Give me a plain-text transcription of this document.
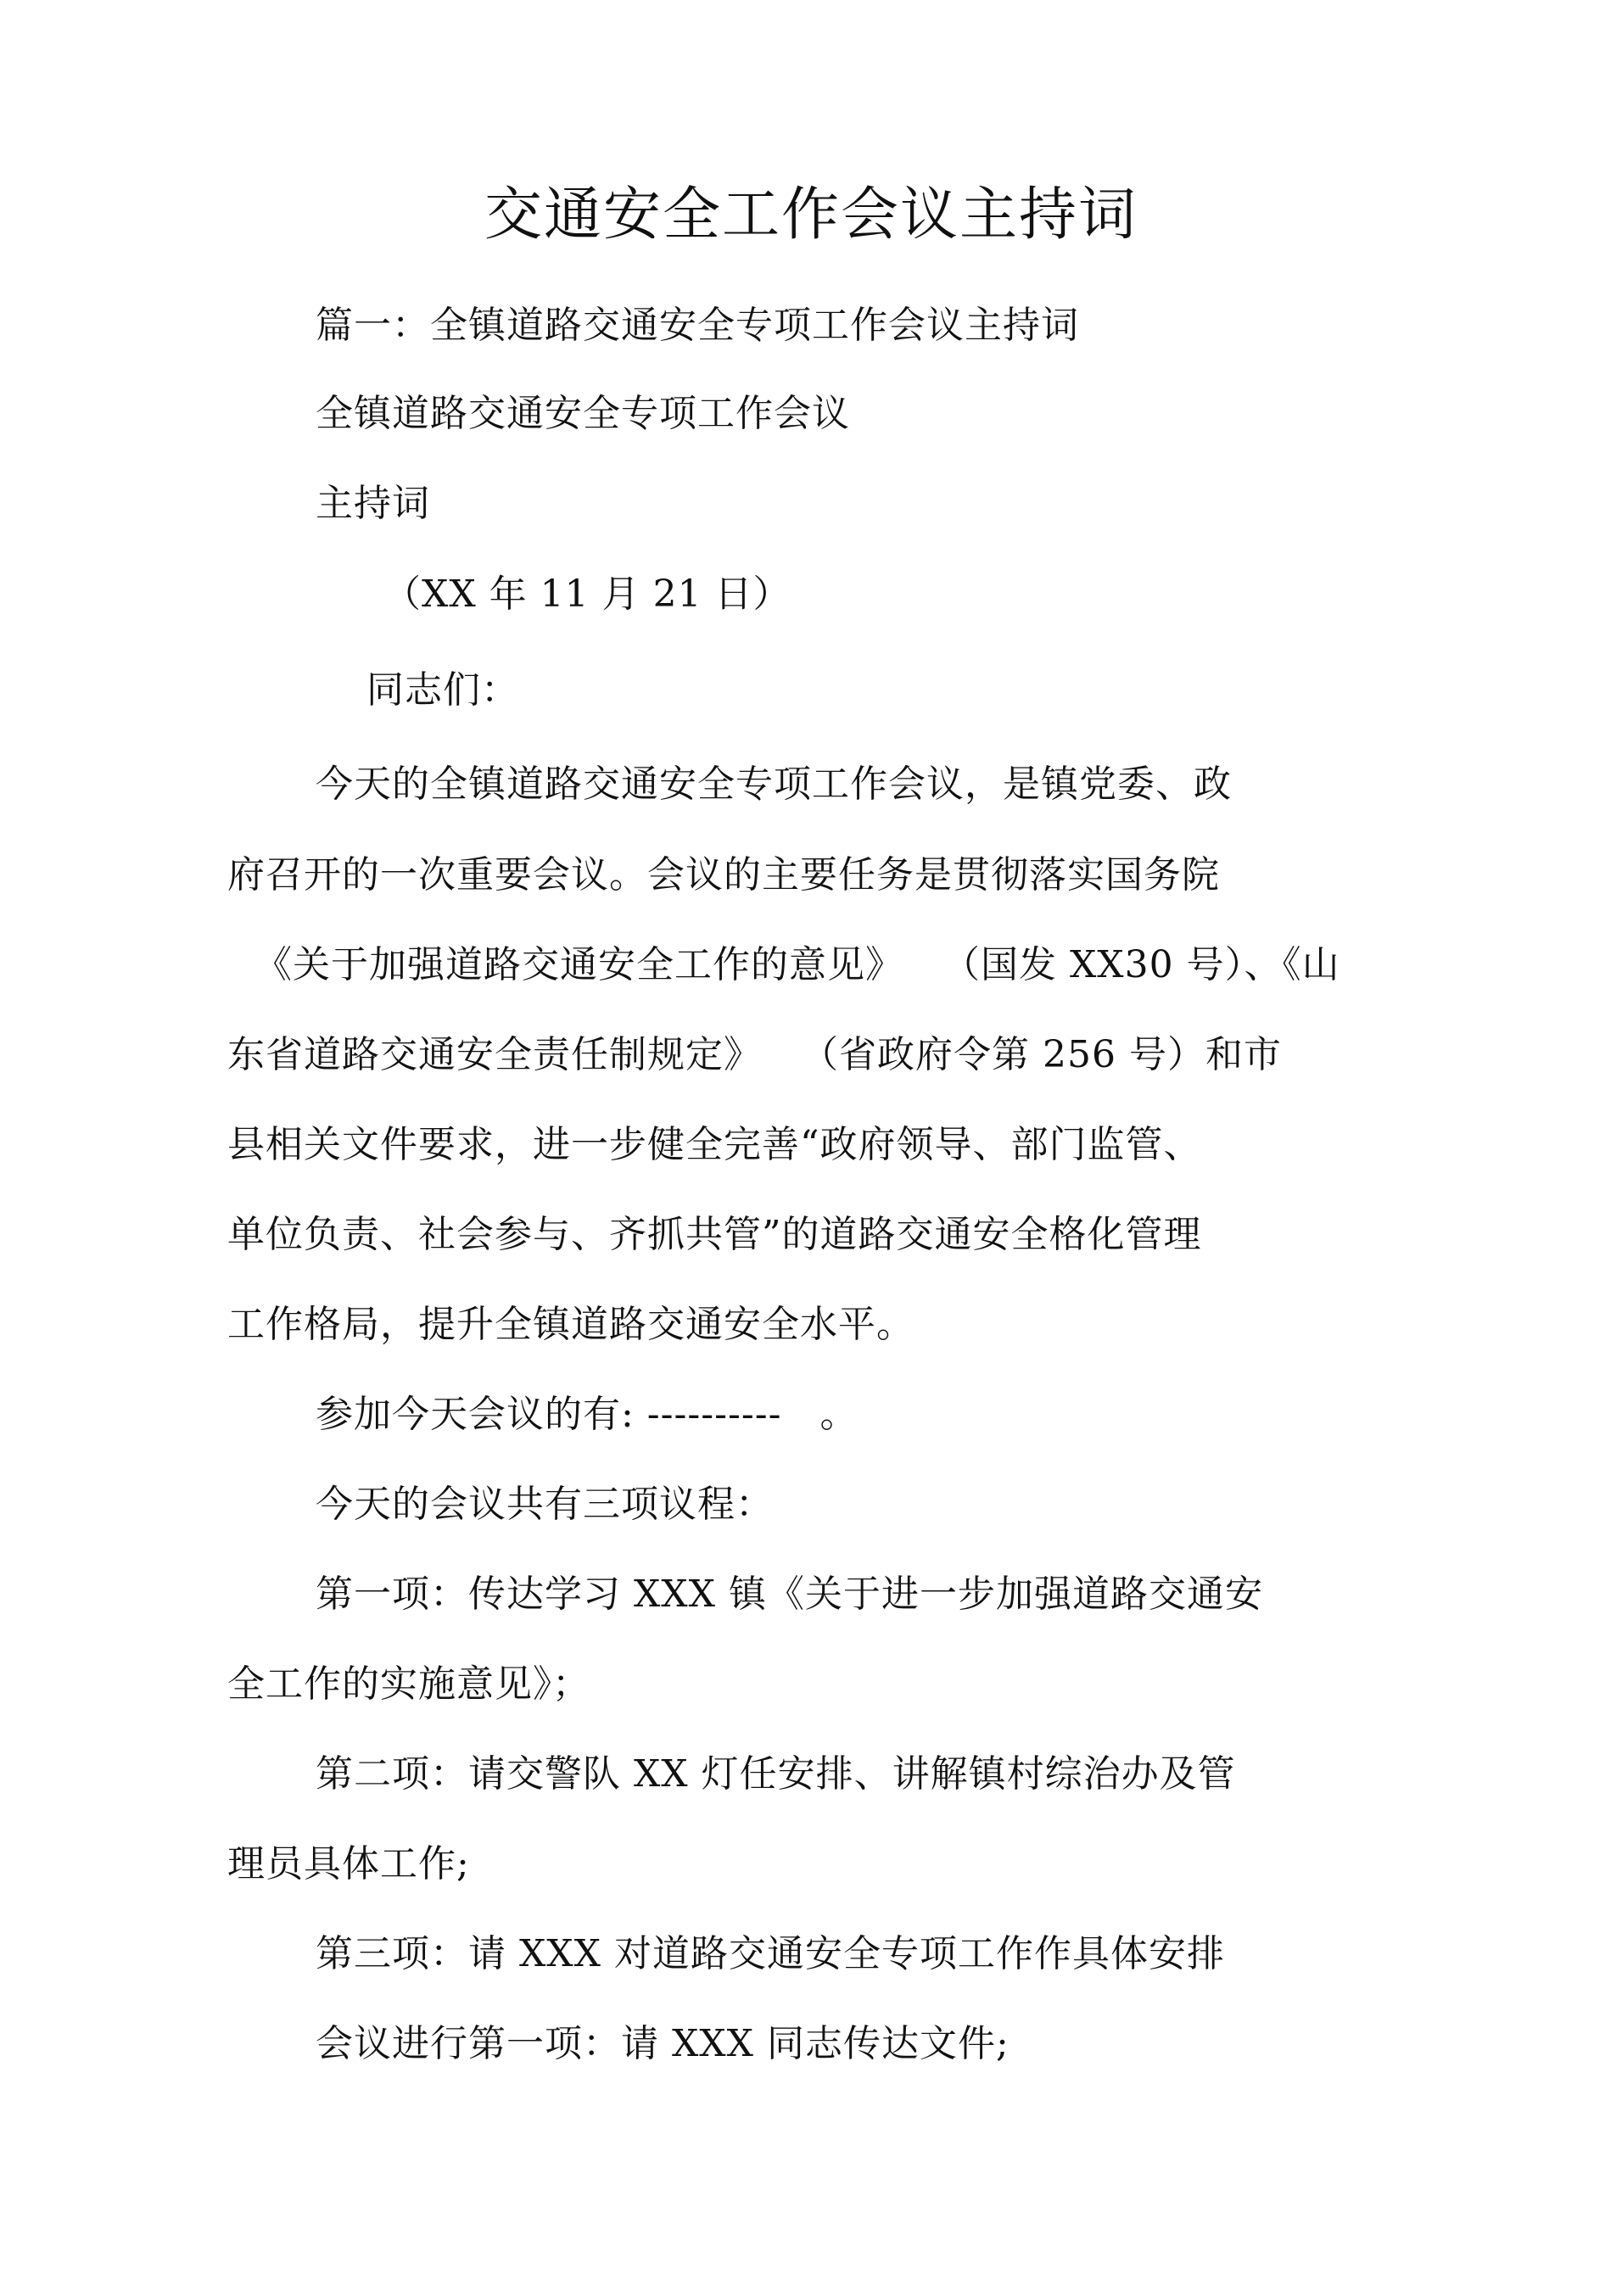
交通安全工作会议主持词
篇一：全镇道路交通安全专项工作会议主持词
全镇道路交通安全专项工作会议
主持词
（XX 年 11 月 21 日）
同志们：
今天的全镇道路交通安全专项工作会议，是镇党委、政
府召开的一次重要会议。会议的主要任务是贯彻落实国务院
《关于加强道路交通安全工作的意见》　　（国发 XX30 号）、《山
东省道路交通安全责任制规定》　　（省政府令第 256 号）和市
县相关文件要求，进一步健全完善“政府领导、部门监管、
单位负责、社会参与、齐抓共管”的道路交通安全格化管理
工作格局，提升全镇道路交通安全水平。
参加今天会议的有: ----------　。
今天的会议共有三项议程：
第一项：传达学习 XXX 镇《关于进一步加强道路交通安
全工作的实施意见》；
第二项：请交警队 XX 灯任安排、讲解镇村综治办及管
理员具体工作;
第三项：请 XXX 对道路交通安全专项工作作具体安排
会议进行第一项：请 XXX 同志传达文件;
